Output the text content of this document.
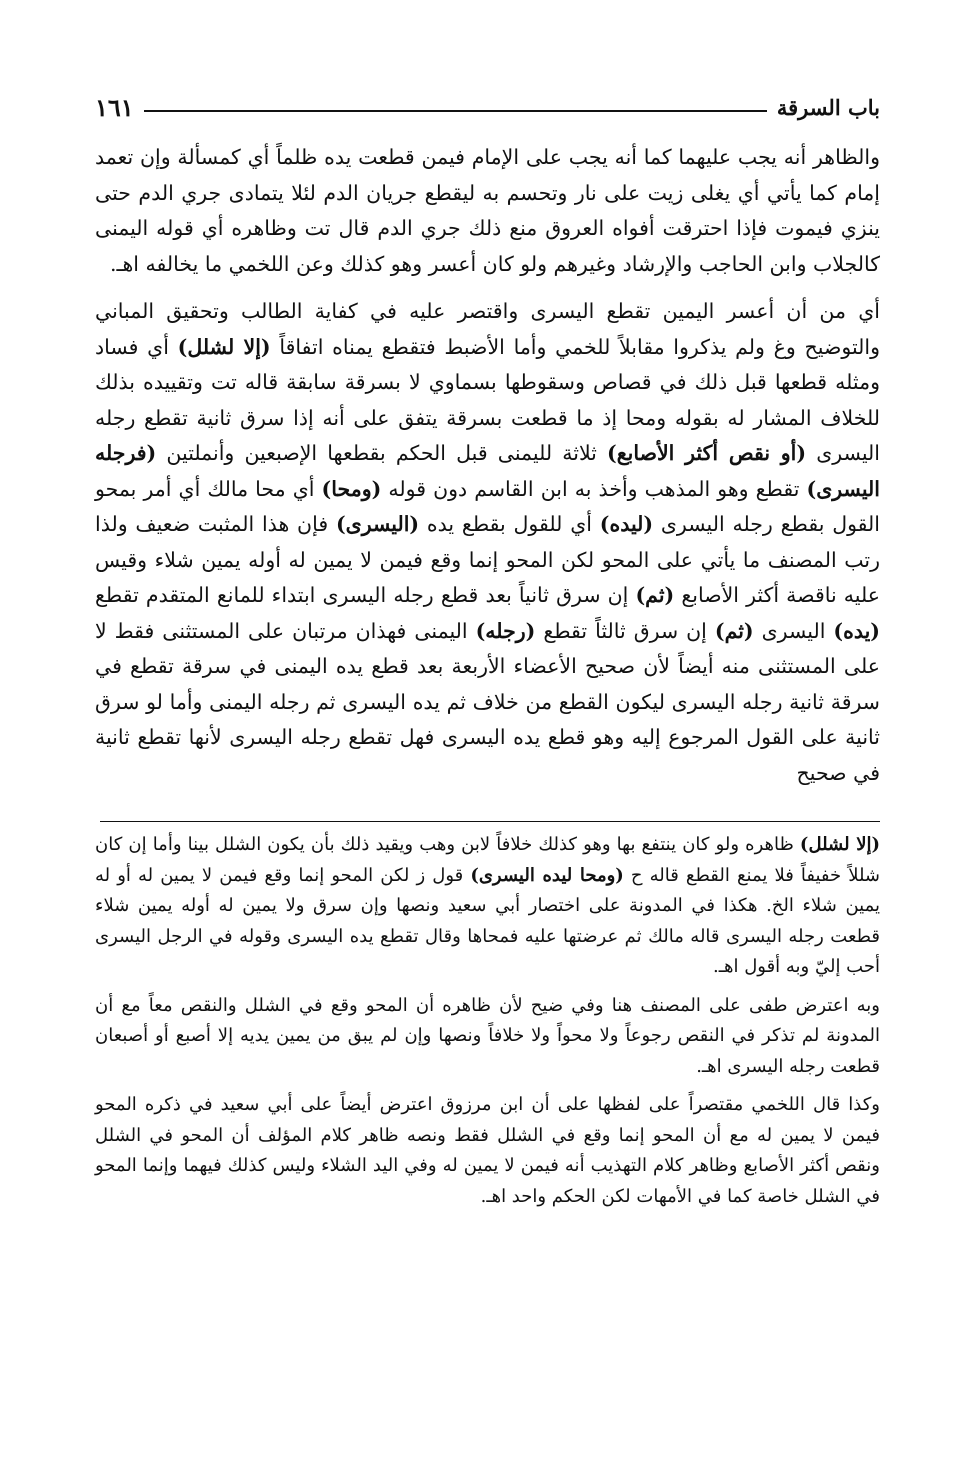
باب السرقة
١٦١

والظاهر أنه يجب عليهما كما أنه يجب على الإمام فيمن قطعت يده ظلماً أي كمسألة وإن تعمد إمام كما يأتي أي يغلى زيت على نار وتحسم به ليقطع جريان الدم لئلا يتمادى جري الدم حتى ينزي فيموت فإذا احترقت أفواه العروق منع ذلك جري الدم قال تت وظاهره أي قوله اليمنى كالجلاب وابن الحاجب والإرشاد وغيرهم ولو كان أعسر وهو كذلك وعن اللخمي ما يخالفه اهـ.

أي من أن أعسر اليمين تقطع اليسرى واقتصر عليه في كفاية الطالب وتحقيق المباني والتوضيح وغ ولم يذكروا مقابلاً للخمي وأما الأضبط فتقطع يمناه اتفاقاً (إلا لشلل) أي فساد ومثله قطعها قبل ذلك في قصاص وسقوطها بسماوي لا بسرقة سابقة قاله تت وتقييده بذلك للخلاف المشار له بقوله ومحا إذ ما قطعت بسرقة يتفق على أنه إذا سرق ثانية تقطع رجله اليسرى (أو نقص أكثر الأصابع) ثلاثة لليمنى قبل الحكم بقطعها الإصبعين وأنملتين (فرجله اليسرى) تقطع وهو المذهب وأخذ به ابن القاسم دون قوله (ومحا) أي محا مالك أي أمر بمحو القول بقطع رجله اليسرى (ليده) أي للقول بقطع يده (اليسرى) فإن هذا المثبت ضعيف ولذا رتب المصنف ما يأتي على المحو لكن المحو إنما وقع فيمن لا يمين له أوله يمين شلاء وقيس عليه ناقصة أكثر الأصابع (ثم) إن سرق ثانياً بعد قطع رجله اليسرى ابتداء للمانع المتقدم تقطع (يده) اليسرى (ثم) إن سرق ثالثاً تقطع (رجله) اليمنى فهذان مرتبان على المستثنى فقط لا على المستثنى منه أيضاً لأن صحيح الأعضاء الأربعة بعد قطع يده اليمنى في سرقة تقطع في سرقة ثانية رجله اليسرى ليكون القطع من خلاف ثم يده اليسرى ثم رجله اليمنى وأما لو سرق ثانية على القول المرجوع إليه وهو قطع يده اليسرى فهل تقطع رجله اليسرى لأنها تقطع ثانية في صحيح

(إلا لشلل) ظاهره ولو كان ينتفع بها وهو كذلك خلافاً لابن وهب ويقيد ذلك بأن يكون الشلل بينا وأما إن كان شللاً خفيفاً فلا يمنع القطع قاله ح (ومحا ليده اليسرى) قول ز لكن المحو إنما وقع فيمن لا يمين له أو له يمين شلاء الخ. هكذا في المدونة على اختصار أبي سعيد ونصها وإن سرق ولا يمين له أوله يمين شلاء قطعت رجله اليسرى قاله مالك ثم عرضتها عليه فمحاها وقال تقطع يده اليسرى وقوله في الرجل اليسرى أحب إليّ وبه أقول اهـ.

وبه اعترض طفى على المصنف هنا وفي ضيح لأن ظاهره أن المحو وقع في الشلل والنقص معاً مع أن المدونة لم تذكر في النقص رجوعاً ولا محواً ولا خلافاً ونصها وإن لم يبق من يمين يديه إلا أصبع أو أصبعان قطعت رجله اليسرى اهـ.

وكذا قال اللخمي مقتصراً على لفظها على أن ابن مرزوق اعترض أيضاً على أبي سعيد في ذكره المحو فيمن لا يمين له مع أن المحو إنما وقع في الشلل فقط ونصه ظاهر كلام المؤلف أن المحو في الشلل ونقص أكثر الأصابع وظاهر كلام التهذيب أنه فيمن لا يمين له وفي اليد الشلاء وليس كذلك فيهما وإنما المحو في الشلل خاصة كما في الأمهات لكن الحكم واحد اهـ.
